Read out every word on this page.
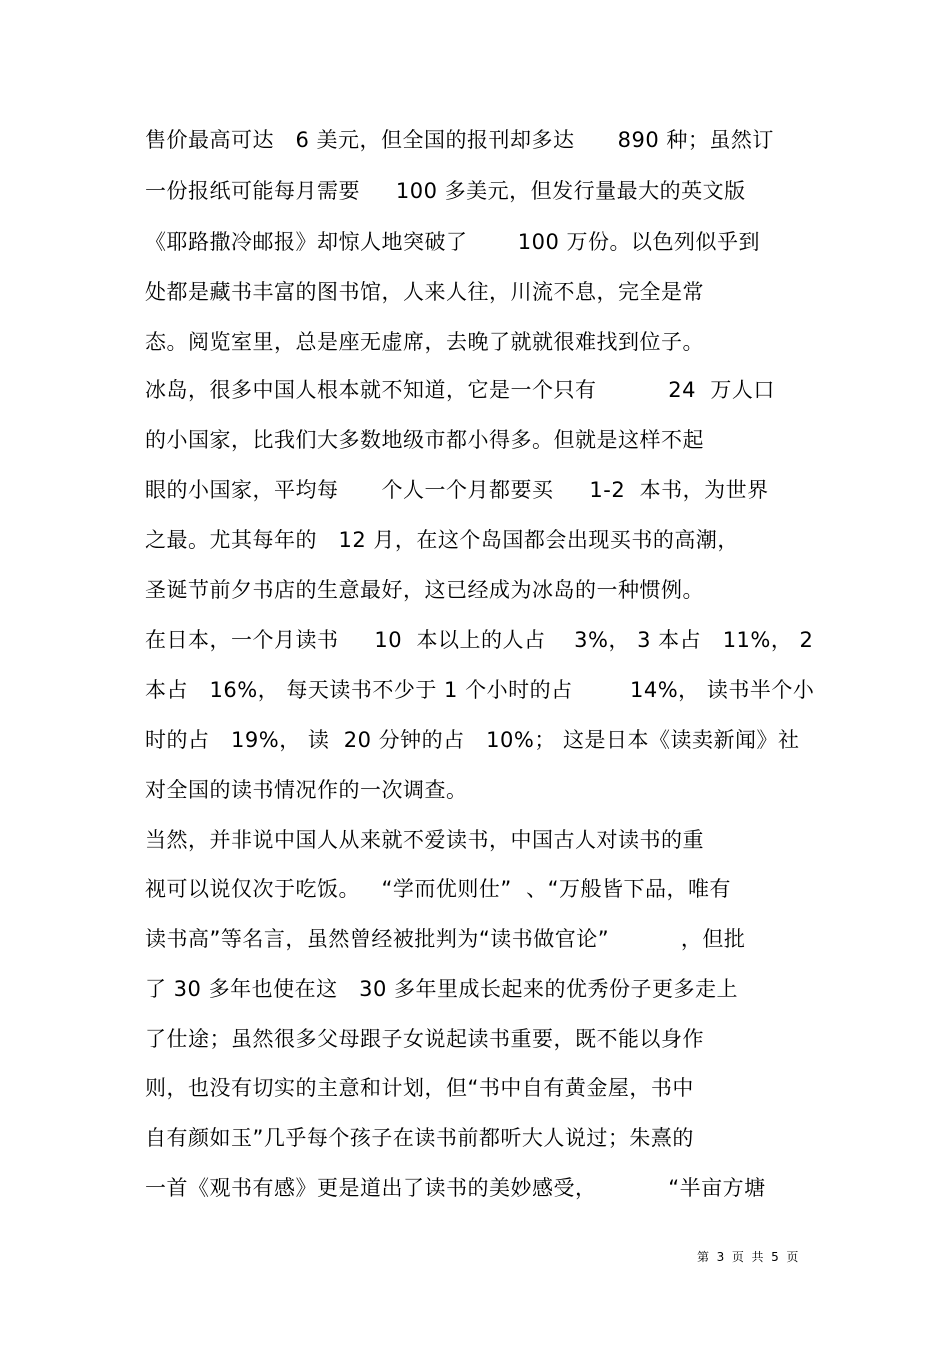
售价最高可达   6 美元，但全国的报刊却多达      890 种；虽然订
一份报纸可能每月需要     100 多美元，但发行量最大的英文版
《耶路撒冷邮报》却惊人地突破了       100 万份。以色列似乎到
处都是藏书丰富的图书馆，人来人往，川流不息，完全是常
态。阅览室里，总是座无虚席，去晚了就就很难找到位子。
冰岛，很多中国人根本就不知道，它是一个只有          24  万人口
的小国家，比我们大多数地级市都小得多。但就是这样不起
眼的小国家，平均每      个人一个月都要买     1-2  本书，为世界
之最。尤其每年的   12 月，在这个岛国都会出现买书的高潮，
圣诞节前夕书店的生意最好，这已经成为冰岛的一种惯例。
在日本，一个月读书     10  本以上的人占    3%， 3 本占   11%， 2
本占   16%， 每天读书不少于 1 个小时的占        14%， 读书半个小
时的占   19%， 读  20 分钟的占   10%； 这是日本《读卖新闻》社
对全国的读书情况作的一次调查。
当然，并非说中国人从来就不爱读书，中国古人对读书的重
视可以说仅次于吃饭。   “学而优则仕”  、“万般皆下品，唯有
读书高”等名言，虽然曾经被批判为“读书做官论”          ，但批
了 30 多年也使在这   30 多年里成长起来的优秀份子更多走上
了仕途；虽然很多父母跟子女说起读书重要，既不能以身作
则，也没有切实的主意和计划，但“书中自有黄金屋，书中
自有颜如玉”几乎每个孩子在读书前都听大人说过；朱熹的
一首《观书有感》更是道出了读书的美妙感受，          “半亩方塘
第  3  页  共  5  页
